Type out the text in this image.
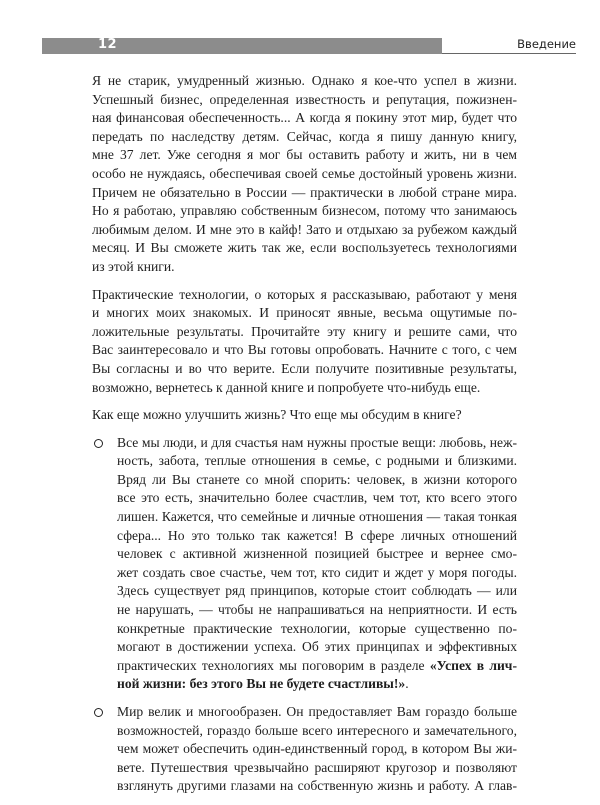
12	Введение

Я не старик, умудренный жизнью. Однако я кое-что успел в жизни.
Успешный бизнес, определенная известность и репутация, пожизнен-
ная финансовая обеспеченность... А когда я покину этот мир, будет что
передать по наследству детям. Сейчас, когда я пишу данную книгу,
мне 37 лет. Уже сегодня я мог бы оставить работу и жить, ни в чем
особо не нуждаясь, обеспечивая своей семье достойный уровень жизни.
Причем не обязательно в России — практически в любой стране мира.
Но я работаю, управляю собственным бизнесом, потому что занимаюсь
любимым делом. И мне это в кайф! Зато и отдыхаю за рубежом каждый
месяц. И Вы сможете жить так же, если воспользуетесь технологиями
из этой книги.

Практические технологии, о которых я рассказываю, работают у меня
и многих моих знакомых. И приносят явные, весьма ощутимые по-
ложительные результаты. Прочитайте эту книгу и решите сами, что
Вас заинтересовало и что Вы готовы опробовать. Начните с того, с чем
Вы согласны и во что верите. Если получите позитивные результаты,
возможно, вернетесь к данной книге и попробуете что-нибудь еще.

Как еще можно улучшить жизнь? Что еще мы обсудим в книге?

Все мы люди, и для счастья нам нужны простые вещи: любовь, неж-
ность, забота, теплые отношения в семье, с родными и близкими.
Вряд ли Вы станете со мной спорить: человек, в жизни которого
все это есть, значительно более счастлив, чем тот, кто всего этого
лишен. Кажется, что семейные и личные отношения — такая тонкая
сфера... Но это только так кажется! В сфере личных отношений
человек с активной жизненной позицией быстрее и вернее смо-
жет создать свое счастье, чем тот, кто сидит и ждет у моря погоды.
Здесь существует ряд принципов, которые стоит соблюдать — или
не нарушать, — чтобы не напрашиваться на неприятности. И есть
конкретные практические технологии, которые существенно по-
могают в достижении успеха. Об этих принципах и эффективных
практических технологиях мы поговорим в разделе «Успех в лич-
ной жизни: без этого Вы не будете счастливы!».
Мир велик и многообразен. Он предоставляет Вам гораздо больше
возможностей, гораздо больше всего интересного и замечательного,
чем может обеспечить один-единственный город, в котором Вы жи-
вете. Путешествия чрезвычайно расширяют кругозор и позволяют
взглянуть другими глазами на собственную жизнь и работу. А глав-
